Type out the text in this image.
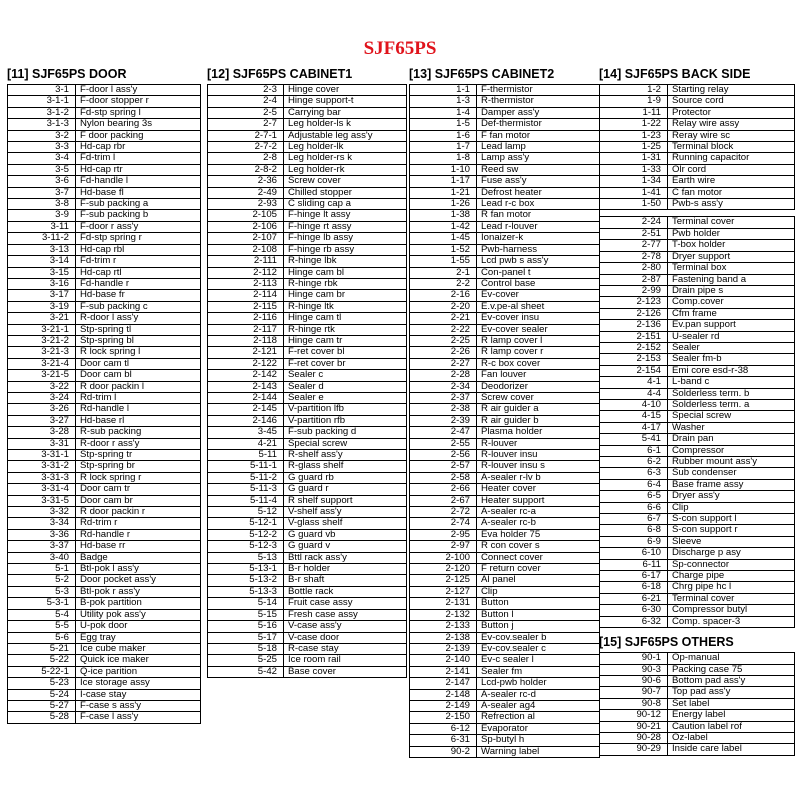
SJF65PS
[11] SJF65PS DOOR
3-1	F-door l ass'y
3-1-1	F-door stopper r
3-1-2	Fd-stp spring l
3-1-3	Nylon bearing 3s
3-2	F door packing
3-3	Hd-cap rbr
3-4	Fd-trim l
3-5	Hd-cap rtr
3-6	Fd-handle l
3-7	Hd-base fl
3-8	F-sub packing a
3-9	F-sub packing b
3-11	F-door r ass'y
3-11-2	Fd-stp spring r
3-13	Hd-cap rbl
3-14	Fd-trim r
3-15	Hd-cap rtl
3-16	Fd-handle r
3-17	Hd-base fr
3-19	F-sub packing c
3-21	R-door l ass'y
3-21-1	Stp-spring tl
3-21-2	Stp-spring bl
3-21-3	R lock spring l
3-21-4	Door cam tl
3-21-5	Door cam bl
3-22	R door packin l
3-24	Rd-trim l
3-26	Rd-handle l
3-27	Hd-base rl
3-28	R-sub packing
3-31	R-door r ass'y
3-31-1	Stp-spring tr
3-31-2	Stp-spring br
3-31-3	R lock spring r
3-31-4	Door cam tr
3-31-5	Door cam br
3-32	R door packin r
3-34	Rd-trim r
3-36	Rd-handle r
3-37	Hd-base rr
3-40	Badge
5-1	Btl-pok l ass'y
5-2	Door pocket ass'y
5-3	Btl-pok r ass'y
5-3-1	B-pok partition
5-4	Utility pok ass'y
5-5	U-pok door
5-6	Egg tray
5-21	Ice cube maker
5-22	Quick ice maker
5-22-1	Q-ice parition
5-23	Ice storage assy
5-24	I-case stay
5-27	F-case s ass'y
5-28	F-case l ass'y
[12] SJF65PS CABINET1
2-3	Hinge cover
2-4	Hinge support-t
2-5	Carrying bar
2-7	Leg holder-ls k
2-7-1	Adjustable leg ass'y
2-7-2	Leg holder-lk
2-8	Leg holder-rs k
2-8-2	Leg holder-rk
2-36	Screw cover
2-49	Chilled stopper
2-93	C sliding cap a
2-105	F-hinge lt assy
2-106	F-hinge rt assy
2-107	F-hinge lb assy
2-108	F-hinge rb assy
2-111	R-hinge lbk
2-112	Hinge cam bl
2-113	R-hinge rbk
2-114	Hinge cam br
2-115	R-hinge ltk
2-116	Hinge cam tl
2-117	R-hinge rtk
2-118	Hinge cam tr
2-121	F-ret cover bl
2-122	F-ret cover br
2-142	Sealer c
2-143	Sealer d
2-144	Sealer e
2-145	V-partition lfb
2-146	V-partition rfb
3-45	F-sub packing d
4-21	Special screw
5-11	R-shelf ass'y
5-11-1	R-glass shelf
5-11-2	G guard rb
5-11-3	G guard r
5-11-4	R shelf support
5-12	V-shelf ass'y
5-12-1	V-glass shelf
5-12-2	G guard vb
5-12-3	G guard v
5-13	Bttl rack ass'y
5-13-1	B-r holder
5-13-2	B-r shaft
5-13-3	Bottle rack
5-14	Fruit case assy
5-15	Fresh case assy
5-16	V-case ass'y
5-17	V-case door
5-18	R-case stay
5-25	Ice room rail
5-42	Base cover
[13] SJF65PS CABINET2
1-1	F-thermistor
1-3	R-thermistor
1-4	Damper ass'y
1-5	Def-thermistor
1-6	F fan motor
1-7	Lead lamp
1-8	Lamp ass'y
1-10	Reed sw
1-17	Fuse ass'y
1-21	Defrost heater
1-26	Lead r-c box
1-38	R fan motor
1-42	Lead r-louver
1-45	Ionaizer-k
1-52	Pwb-harness
1-55	Lcd pwb s ass'y
2-1	Con-panel t
2-2	Control base
2-16	Ev-cover
2-20	E.v.pe-al sheet
2-21	Ev-cover insu
2-22	Ev-cover sealer
2-25	R lamp cover l
2-26	R lamp cover r
2-27	R-c box cover
2-28	Fan louver
2-34	Deodorizer
2-37	Screw cover
2-38	R air guider a
2-39	R air guider b
2-47	Plasma holder
2-55	R-louver
2-56	R-louver insu
2-57	R-louver insu s
2-58	A-sealer r-lv b
2-66	Heater cover
2-67	Heater support
2-72	A-sealer rc-a
2-74	A-sealer rc-b
2-95	Eva holder 75
2-97	R con cover s
2-100	Connect cover
2-120	F return cover
2-125	Al panel
2-127	Clip
2-131	Button
2-132	Button l
2-133	Button j
2-138	Ev-cov.sealer b
2-139	Ev-cov.sealer c
2-140	Ev-c sealer l
2-141	Sealer fm
2-147	Lcd-pwb holder
2-148	A-sealer rc-d
2-149	A-sealer ag4
2-150	Refrection al
6-12	Evaporator
6-31	Sp-butyl h
90-2	Warning label
[14] SJF65PS BACK SIDE
1-2	Starting relay
1-9	Source cord
1-11	Protector
1-22	Relay wire assy
1-23	Reray wire sc
1-25	Terminal block
1-31	Running capacitor
1-33	Olr cord
1-34	Earth wire
1-41	C fan motor
1-50	Pwb-s ass'y

2-24	Terminal cover
2-51	Pwb holder
2-77	T-box holder
2-78	Dryer support
2-80	Terminal box
2-87	Fastening band a
2-99	Drain pipe s
2-123	Comp.cover
2-126	Cfm frame
2-136	Ev.pan support
2-151	U-sealer rd
2-152	Sealer
2-153	Sealer fm-b
2-154	Emi core esd-r-38
4-1	L-band c
4-4	Solderless term. b
4-10	Solderless term. a
4-15	Special screw
4-17	Washer
5-41	Drain pan
6-1	Compressor
6-2	Rubber mount ass'y
6-3	Sub condenser
6-4	Base frame assy
6-5	Dryer ass'y
6-6	Clip
6-7	S-con support l
6-8	S-con support r
6-9	Sleeve
6-10	Discharge p asy
6-11	Sp-connector
6-17	Charge pipe
6-18	Chrg pipe hc l
6-21	Terminal cover
6-30	Compressor butyl
6-32	Comp. spacer-3
[15] SJF65PS OTHERS
90-1	Op-manual
90-3	Packing case 75
90-6	Bottom pad ass'y
90-7	Top pad ass'y
90-8	Set label
90-12	Energy label
90-21	Caution label rof
90-28	Oz-label
90-29	Inside care label
